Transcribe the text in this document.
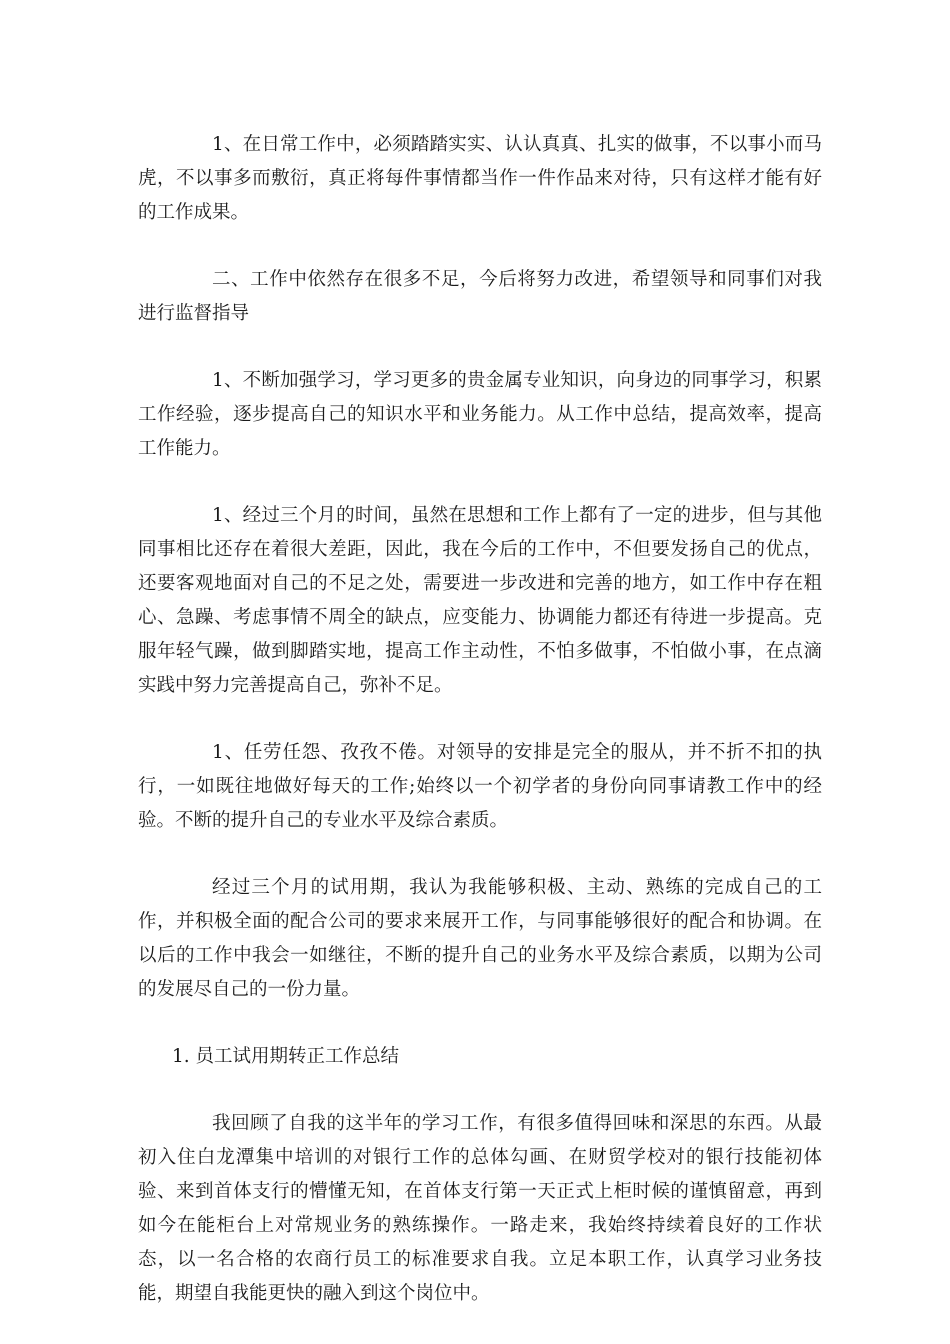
1、在日常工作中，必须踏踏实实、认认真真、扎实的做事，不以事小而马虎，不以事多而敷衍，真正将每件事情都当作一件作品来对待，只有这样才能有好的工作成果。

二、工作中依然存在很多不足，今后将努力改进，希望领导和同事们对我进行监督指导

1、不断加强学习，学习更多的贵金属专业知识，向身边的同事学习，积累工作经验，逐步提高自己的知识水平和业务能力。从工作中总结，提高效率，提高工作能力。

1、经过三个月的时间，虽然在思想和工作上都有了一定的进步，但与其他同事相比还存在着很大差距，因此，我在今后的工作中，不但要发扬自己的优点，还要客观地面对自己的不足之处，需要进一步改进和完善的地方，如工作中存在粗心、急躁、考虑事情不周全的缺点，应变能力、协调能力都还有待进一步提高。克服年轻气躁，做到脚踏实地，提高工作主动性，不怕多做事，不怕做小事，在点滴实践中努力完善提高自己，弥补不足。

1、任劳任怨、孜孜不倦。对领导的安排是完全的服从，并不折不扣的执行，一如既往地做好每天的工作;始终以一个初学者的身份向同事请教工作中的经验。不断的提升自己的专业水平及综合素质。

经过三个月的试用期，我认为我能够积极、主动、熟练的完成自己的工作，并积极全面的配合公司的要求来展开工作，与同事能够很好的配合和协调。在以后的工作中我会一如继往，不断的提升自己的业务水平及综合素质，以期为公司的发展尽自己的一份力量。

1. 员工试用期转正工作总结

我回顾了自我的这半年的学习工作，有很多值得回味和深思的东西。从最初入住白龙潭集中培训的对银行工作的总体勾画、在财贸学校对的银行技能初体验、来到首体支行的懵懂无知，在首体支行第一天正式上柜时候的谨慎留意，再到如今在能柜台上对常规业务的熟练操作。一路走来，我始终持续着良好的工作状态，以一名合格的农商行员工的标准要求自我。立足本职工作，认真学习业务技能，期望自我能更快的融入到这个岗位中。
